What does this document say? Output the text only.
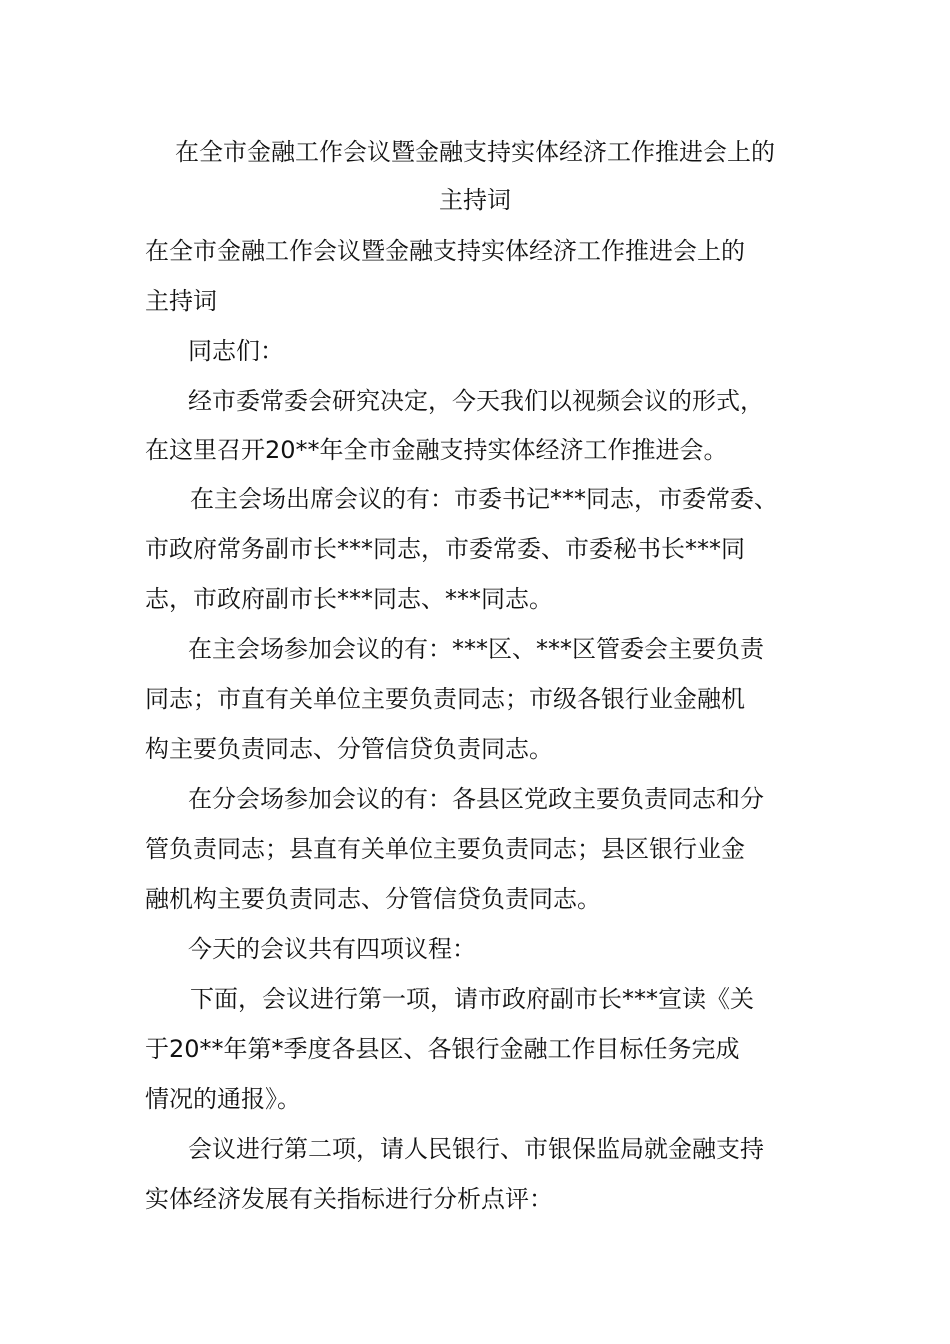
在全市金融工作会议暨金融支持实体经济工作推进会上的
主持词
在全市金融工作会议暨金融支持实体经济工作推进会上的
主持词
同志们：
经市委常委会研究决定，今天我们以视频会议的形式，
在这里召开20**年全市金融支持实体经济工作推进会。
在主会场出席会议的有：市委书记***同志，市委常委、
市政府常务副市长***同志，市委常委、市委秘书长***同
志，市政府副市长***同志、***同志。
在主会场参加会议的有：***区、***区管委会主要负责
同志；市直有关单位主要负责同志；市级各银行业金融机
构主要负责同志、分管信贷负责同志。
在分会场参加会议的有：各县区党政主要负责同志和分
管负责同志；县直有关单位主要负责同志；县区银行业金
融机构主要负责同志、分管信贷负责同志。
今天的会议共有四项议程：
下面，会议进行第一项，请市政府副市长***宣读《关
于20**年第*季度各县区、各银行金融工作目标任务完成
情况的通报》。
会议进行第二项，请人民银行、市银保监局就金融支持
实体经济发展有关指标进行分析点评：
